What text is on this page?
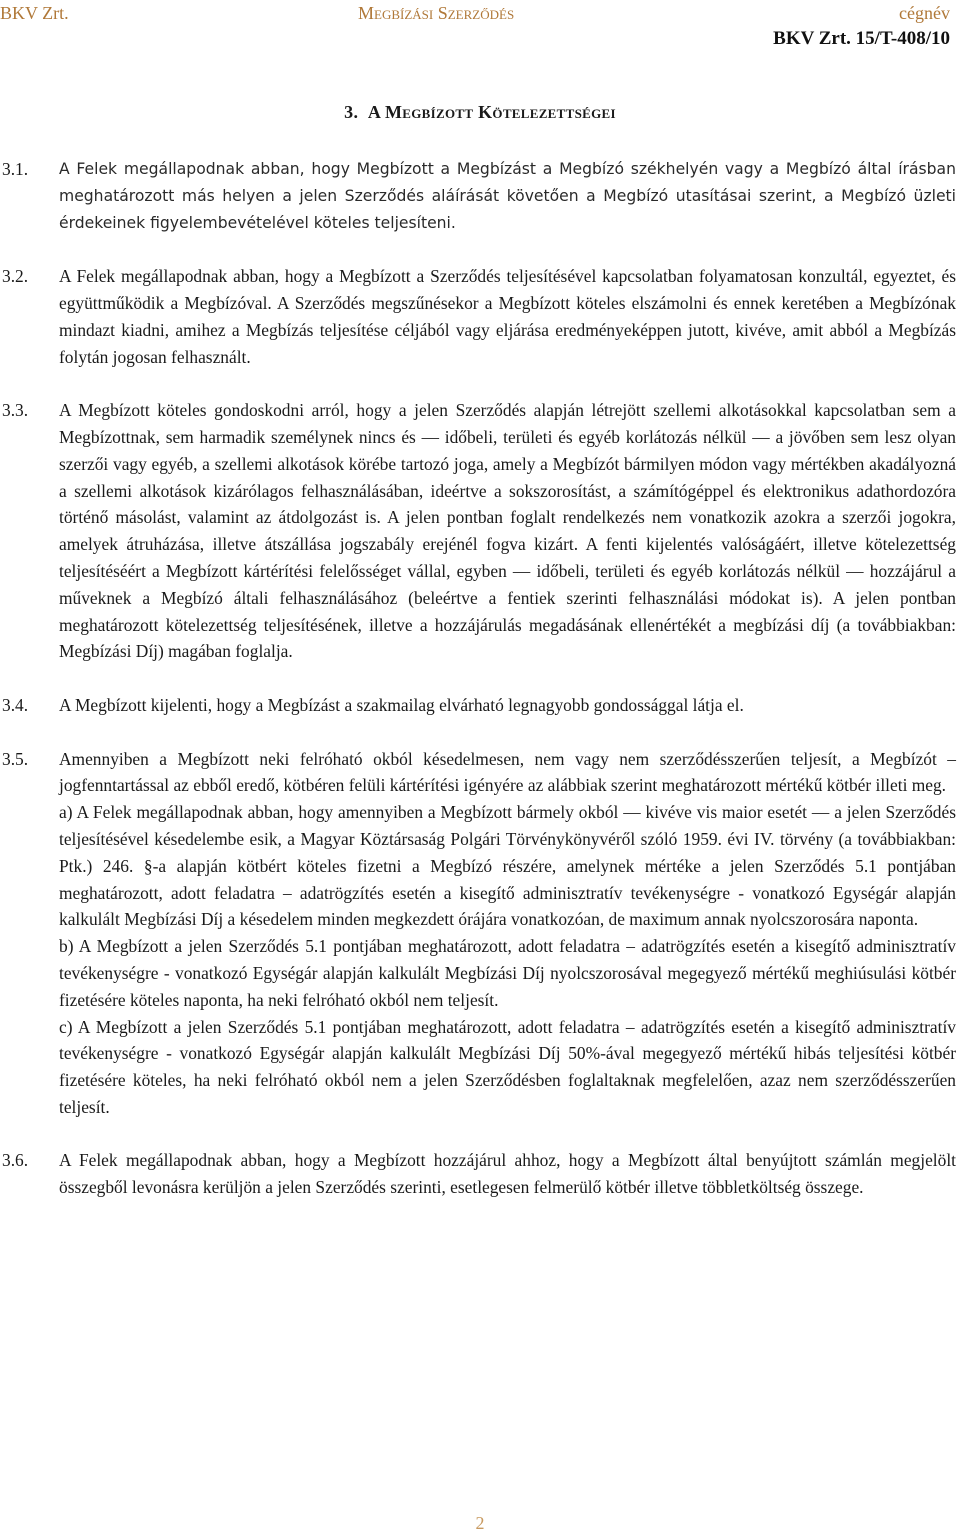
BKV Zrt.	Megbízási Szerződés	cégnév
BKV Zrt. 15/T-408/10
3. A Megbízott Kötelezettségei
3.1. A Felek megállapodnak abban, hogy Megbízott a Megbízást a Megbízó székhelyén vagy a Megbízó által írásban meghatározott más helyen a jelen Szerződés aláírását követően a Megbízó utasításai szerint, a Megbízó üzleti érdekeinek figyelembevételével köteles teljesíteni.

3.2. A Felek megállapodnak abban, hogy a Megbízott a Szerződés teljesítésével kapcsolatban folyamatosan konzultál, egyeztet, és együttműködik a Megbízóval. A Szerződés megszűnésekor a Megbízott köteles elszámolni és ennek keretében a Megbízónak mindazt kiadni, amihez a Megbízás teljesítése céljából vagy eljárása eredményeképpen jutott, kivéve, amit abból a Megbízás folytán jogosan felhasznált.

3.3. A Megbízott köteles gondoskodni arról, hogy a jelen Szerződés alapján létrejött szellemi alkotásokkal kapcsolatban sem a Megbízottnak, sem harmadik személynek nincs és — időbeli, területi és egyéb korlátozás nélkül — a jövőben sem lesz olyan szerzői vagy egyéb, a szellemi alkotások körébe tartozó joga, amely a Megbízót bármilyen módon vagy mértékben akadályozná a szellemi alkotások kizárólagos felhasználásában, ideértve a sokszorosítást, a számítógéppel és elektronikus adathordozóra történő másolást, valamint az átdolgozást is. A jelen pontban foglalt rendelkezés nem vonatkozik azokra a szerzői jogokra, amelyek átruházása, illetve átszállása jogszabály erejénél fogva kizárt. A fenti kijelentés valóságáért, illetve kötelezettség teljesítéséért a Megbízott kártérítési felelősséget vállal, egyben — időbeli, területi és egyéb korlátozás nélkül — hozzájárul a műveknek a Megbízó általi felhasználásához (beleértve a fentiek szerinti felhasználási módokat is). A jelen pontban meghatározott kötelezettség teljesítésének, illetve a hozzájárulás megadásának ellenértékét a megbízási díj (a továbbiakban: Megbízási Díj) magában foglalja.

3.4. A Megbízott kijelenti, hogy a Megbízást a szakmailag elvárható legnagyobb gondossággal látja el.

3.5. Amennyiben a Megbízott neki felróható okból késedelmesen, nem vagy nem szerződésszerűen teljesít, a Megbízót – jogfenntartással az ebből eredő, kötbéren felüli kártérítési igényére az alábbiak szerint meghatározott mértékű kötbér illeti meg.

a) A Felek megállapodnak abban, hogy amennyiben a Megbízott bármely okból — kivéve vis maior esetét — a jelen Szerződés teljesítésével késedelembe esik, a Magyar Köztársaság Polgári Törvénykönyvéről szóló 1959. évi IV. törvény (a továbbiakban: Ptk.) 246. §-a alapján kötbért köteles fizetni a Megbízó részére, amelynek mértéke a jelen Szerződés 5.1 pontjában meghatározott, adott feladatra – adatrögzítés esetén a kisegítő adminisztratív tevékenységre - vonatkozó Egységár alapján kalkulált Megbízási Díj a késedelem minden megkezdett órájára vonatkozóan, de maximum annak nyolcszorosára naponta.

b) A Megbízott a jelen Szerződés 5.1 pontjában meghatározott, adott feladatra – adatrögzítés esetén a kisegítő adminisztratív tevékenységre - vonatkozó Egységár alapján kalkulált Megbízási Díj nyolcszorosával megegyező mértékű meghiúsulási kötbér fizetésére köteles naponta, ha neki felróható okból nem teljesít.

c) A Megbízott a jelen Szerződés 5.1 pontjában meghatározott, adott feladatra – adatrögzítés esetén a kisegítő adminisztratív tevékenységre - vonatkozó Egységár alapján kalkulált Megbízási Díj 50%-ával megegyező mértékű hibás teljesítési kötbér fizetésére köteles, ha neki felróható okból nem a jelen Szerződésben foglaltaknak megfelelően, azaz nem szerződésszerűen teljesít.

3.6. A Felek megállapodnak abban, hogy a Megbízott hozzájárul ahhoz, hogy a Megbízott által benyújtott számlán megjelölt összegből levonásra kerüljön a jelen Szerződés szerinti, esetlegesen felmerülő kötbér illetve többletköltség összege.

2
